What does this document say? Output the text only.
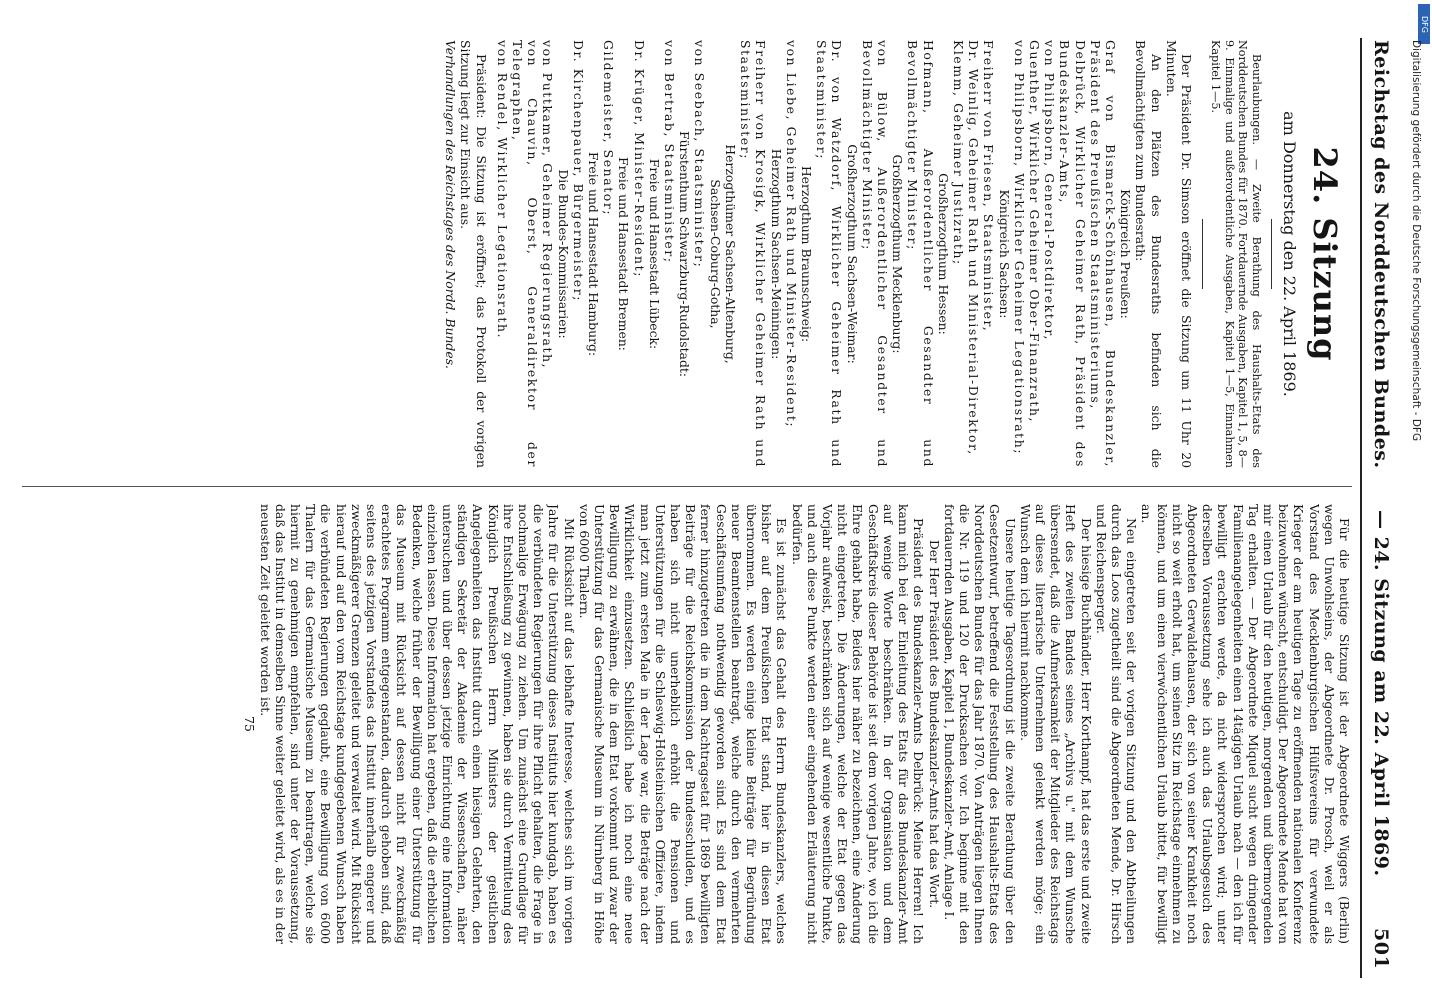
Reichstag des Norddeutschen Bundes.
— 24. Sitzung am 22. April 1869.
501
24. Sitzung
am Donnerstag den 22. April 1869.

Beurlaubungen. — Zweite Berathung des Haushalts-Etats des Norddeutschen Bundes für 1870. Fortdauernde Ausgaben, Kapitel 1, 5, 8—9. Einmalige und außerordentliche Ausgaben, Kapitel 1—5, Einnahmen Kapitel 1—5.

Der Präsident Dr. Simson eröffnet die Sitzung um 11 Uhr 20 Minuten.

An den Plätzen des Bundesraths befinden sich die Bevollmächtigten zum Bundesrath:

Königreich Preußen:

Graf von Bismarck-Schönhausen, Bundeskanzler, Präsident des Preußischen Staatsministeriums,

Delbrück, Wirklicher Geheimer Rath, Präsident des Bundeskanzler-Amts,

von Philipsborn, General-Postdirektor,

Guenther, Wirklicher Geheimer Ober-Finanzrath,

von Philipsborn, Wirklicher Geheimer Legationsrath;

Königreich Sachsen:

Freiherr von Friesen, Staatsminister,

Dr. Weinlig, Geheimer Rath und Ministerial-Direktor,

Klemm, Geheimer Justizrath;

Großherzogthum Hessen:

Hofmann, Außerordentlicher Gesandter und Bevollmächtigter Minister;

Großherzogthum Mecklenburg:

von Bülow, Außerordentlicher Gesandter und Bevollmächtigter Minister;

Großherzogthum Sachsen-Weimar:

Dr. von Watzdorf, Wirklicher Geheimer Rath und Staatsminister;

Herzogthum Braunschweig:

von Liebe, Geheimer Rath und Minister-Resident;

Herzogthum Sachsen-Meiningen:

Freiherr von Krosigk, Wirklicher Geheimer Rath und Staatsminister;

Herzogthümer Sachsen-Altenburg,

Sachsen-Coburg-Gotha,

von Seebach, Staatsminister;

Fürstenthum Schwarzburg-Rudolstadt:

von Bertrab, Staatsminister;

Freie und Hansestadt Lübeck:

Dr. Krüger, Minister-Resident;

Freie und Hansestadt Bremen:

Gildemeister, Senator;

Freie und Hansestadt Hamburg:

Dr. Kirchenpauer, Bürgermeister;

Die Bundes-Kommissarien:

von Puttkamer, Geheimer Regierungsrath,

von Chauvin, Oberst, Generaldirektor der Telegraphen,

von Rendel, Wirklicher Legationsrath.

Präsident: Die Sitzung ist eröffnet; das Protokoll der vorigen Sitzung liegt zur Einsicht aus.

Verhandlungen des Reichstages des Nordd. Bundes.

Für die heutige Sitzung ist der Abgeordnete Wiggers (Berlin) wegen Unwohlseins, der Abgeordnete Dr. Prosch, weil er als Vorstand des Mecklenburgischen Hülfsvereins für verwundete Krieger der am heutigen Tage zu eröffnenden nationalen Konferenz beizuwohnen wünscht, entschuldigt. Der Abgeordnete Mende hat von mir einen Urlaub für den heutigen, morgenden und übermorgenden Tag erhalten. — Der Abgeordnete Miquel sucht wegen dringender Familienangelegenheiten einen 14tägigen Urlaub nach — den ich für bewilligt erachten werde, da nicht widersprochen wird; unter derselben Voraussetzung sehe ich auch das Urlaubsgesuch des Abgeordneten Gerwaldehausen, der sich von seiner Krankheit noch nicht so weit erholt hat, um seinen Sitz im Reichstage einnehmen zu können, und um einen vierwöchentlichen Urlaub bittet, für bewilligt an.

Neu eingetreten seit der vorigen Sitzung und den Abtheilungen durch das Loos zugetheilt sind die Abgeordneten Mende, Dr. Hirsch und Reichensperger.

Der hiesige Buchhändler, Herr Korthampf, hat das erste und zweite Heft des zweiten Bandes seines „Archivs u." mit dem Wunsche übersendet, daß die Aufmerksamkeit der Mitglieder des Reichstags auf dieses literarische Unternehmen gelenkt werden möge; ein Wunsch dem ich hiermit nachkomme.

Unsere heutige Tagesordnung ist die zweite Berathung über den Gesetzentwurf, betreffend die Feststellung des Haushalts-Etats des Norddeutschen Bundes für das Jahr 1870. Von Anträgen liegen Ihnen die Nr. 119 und 120 der Drucksachen vor. Ich beginne mit den fortdauernden Ausgaben, Kapitel 1, Bundeskanzler-Amt, Anlage I.

Der Herr Präsident des Bundeskanzler-Amts hat das Wort.

Präsident des Bundeskanzler-Amts Delbrück: Meine Herren! Ich kann mich bei der Einleitung des Etats für das Bundeskanzler-Amt auf wenige Worte beschränken. In der Organisation und dem Geschäftskreis dieser Behörde ist seit dem vorigen Jahre, wo ich die Ehre gehabt habe, Beides hier näher zu bezeichnen, eine Änderung nicht eingetreten. Die Änderungen, welche der Etat gegen das Vorjahr aufweist, beschränken sich auf wenige wesentliche Punkte, und auch diese Punkte werden einer eingehenden Erläuterung nicht bedürfen.

Es ist zunächst das Gehalt des Herrn Bundeskanzlers, welches bisher auf dem Preußischen Etat stand, hier in diesen Etat übernommen. Es werden einige kleine Beiträge für Begründung neuer Beamtenstellen beantragt, welche durch den vermehrten Geschäftsumfang nothwendig geworden sind. Es sind dem Etat ferner hinzugetreten die in dem Nachtragsetat für 1869 bewilligten Beiträge für die Reichskommission der Bundesschulden, und es haben sich nicht unerheblich erhöht die Pensionen und Unterstützungen für die Schleswig-Holsteinischen Offiziere, indem man jetzt zum ersten Male in der Lage war, die Beträge nach der Wirklichkeit einzusetzen. Schließlich habe ich noch eine neue Bewilligung zu erwähnen, die in dem Etat vorkommt und zwar der Unterstützung für das Germanische Museum in Nürnberg in Höhe von 6000 Thalern.

Mit Rücksicht auf das lebhafte Interesse, welches sich im vorigen Jahre für die Unterstützung dieses Instituts hier kundgab, haben es die verbündeten Regierungen für ihre Pflicht gehalten, die Frage in nochmalige Erwägung zu ziehen. Um zunächst eine Grundlage für ihre Entschließung zu gewinnen, haben sie durch Vermittelung des Königlich Preußischen Herrn Ministers der geistlichen Angelegenheiten das Institut durch einen hiesigen Gelehrten, den ständigen Sekretär der Akademie der Wissenschaften, näher untersuchen und über dessen jetzige Einrichtung eine Information einziehen lassen. Diese Information hat ergeben, daß die erheblichen Bedenken, welche früher der Bewilligung einer Unterstützung für das Museum mit Rücksicht auf dessen nicht für zweckmäßig erachtetes Programm entgegenstanden, dadurch gehoben sind, daß seitens des jetzigen Vorstandes das Institut innerhalb engerer und zweckmäßigerer Grenzen geleitet und verwaltet wird. Mit Rücksicht hierauf und auf den vom Reichstage kundgegebenen Wunsch haben die verbündeten Regierungen geglaubt, eine Bewilligung von 6000 Thalern für das Germanische Museum zu beantragen, welche sie hiermit zu genehmigen empfehlen, sind unter der Voraussetzung, daß das Institut in demselben Sinne weiter geleitet wird, als es in der neuesten Zeit geleitet worden ist.

75

DFG
Digitalisierung gefördert durch die Deutsche Forschungsgemeinschaft - DFG
